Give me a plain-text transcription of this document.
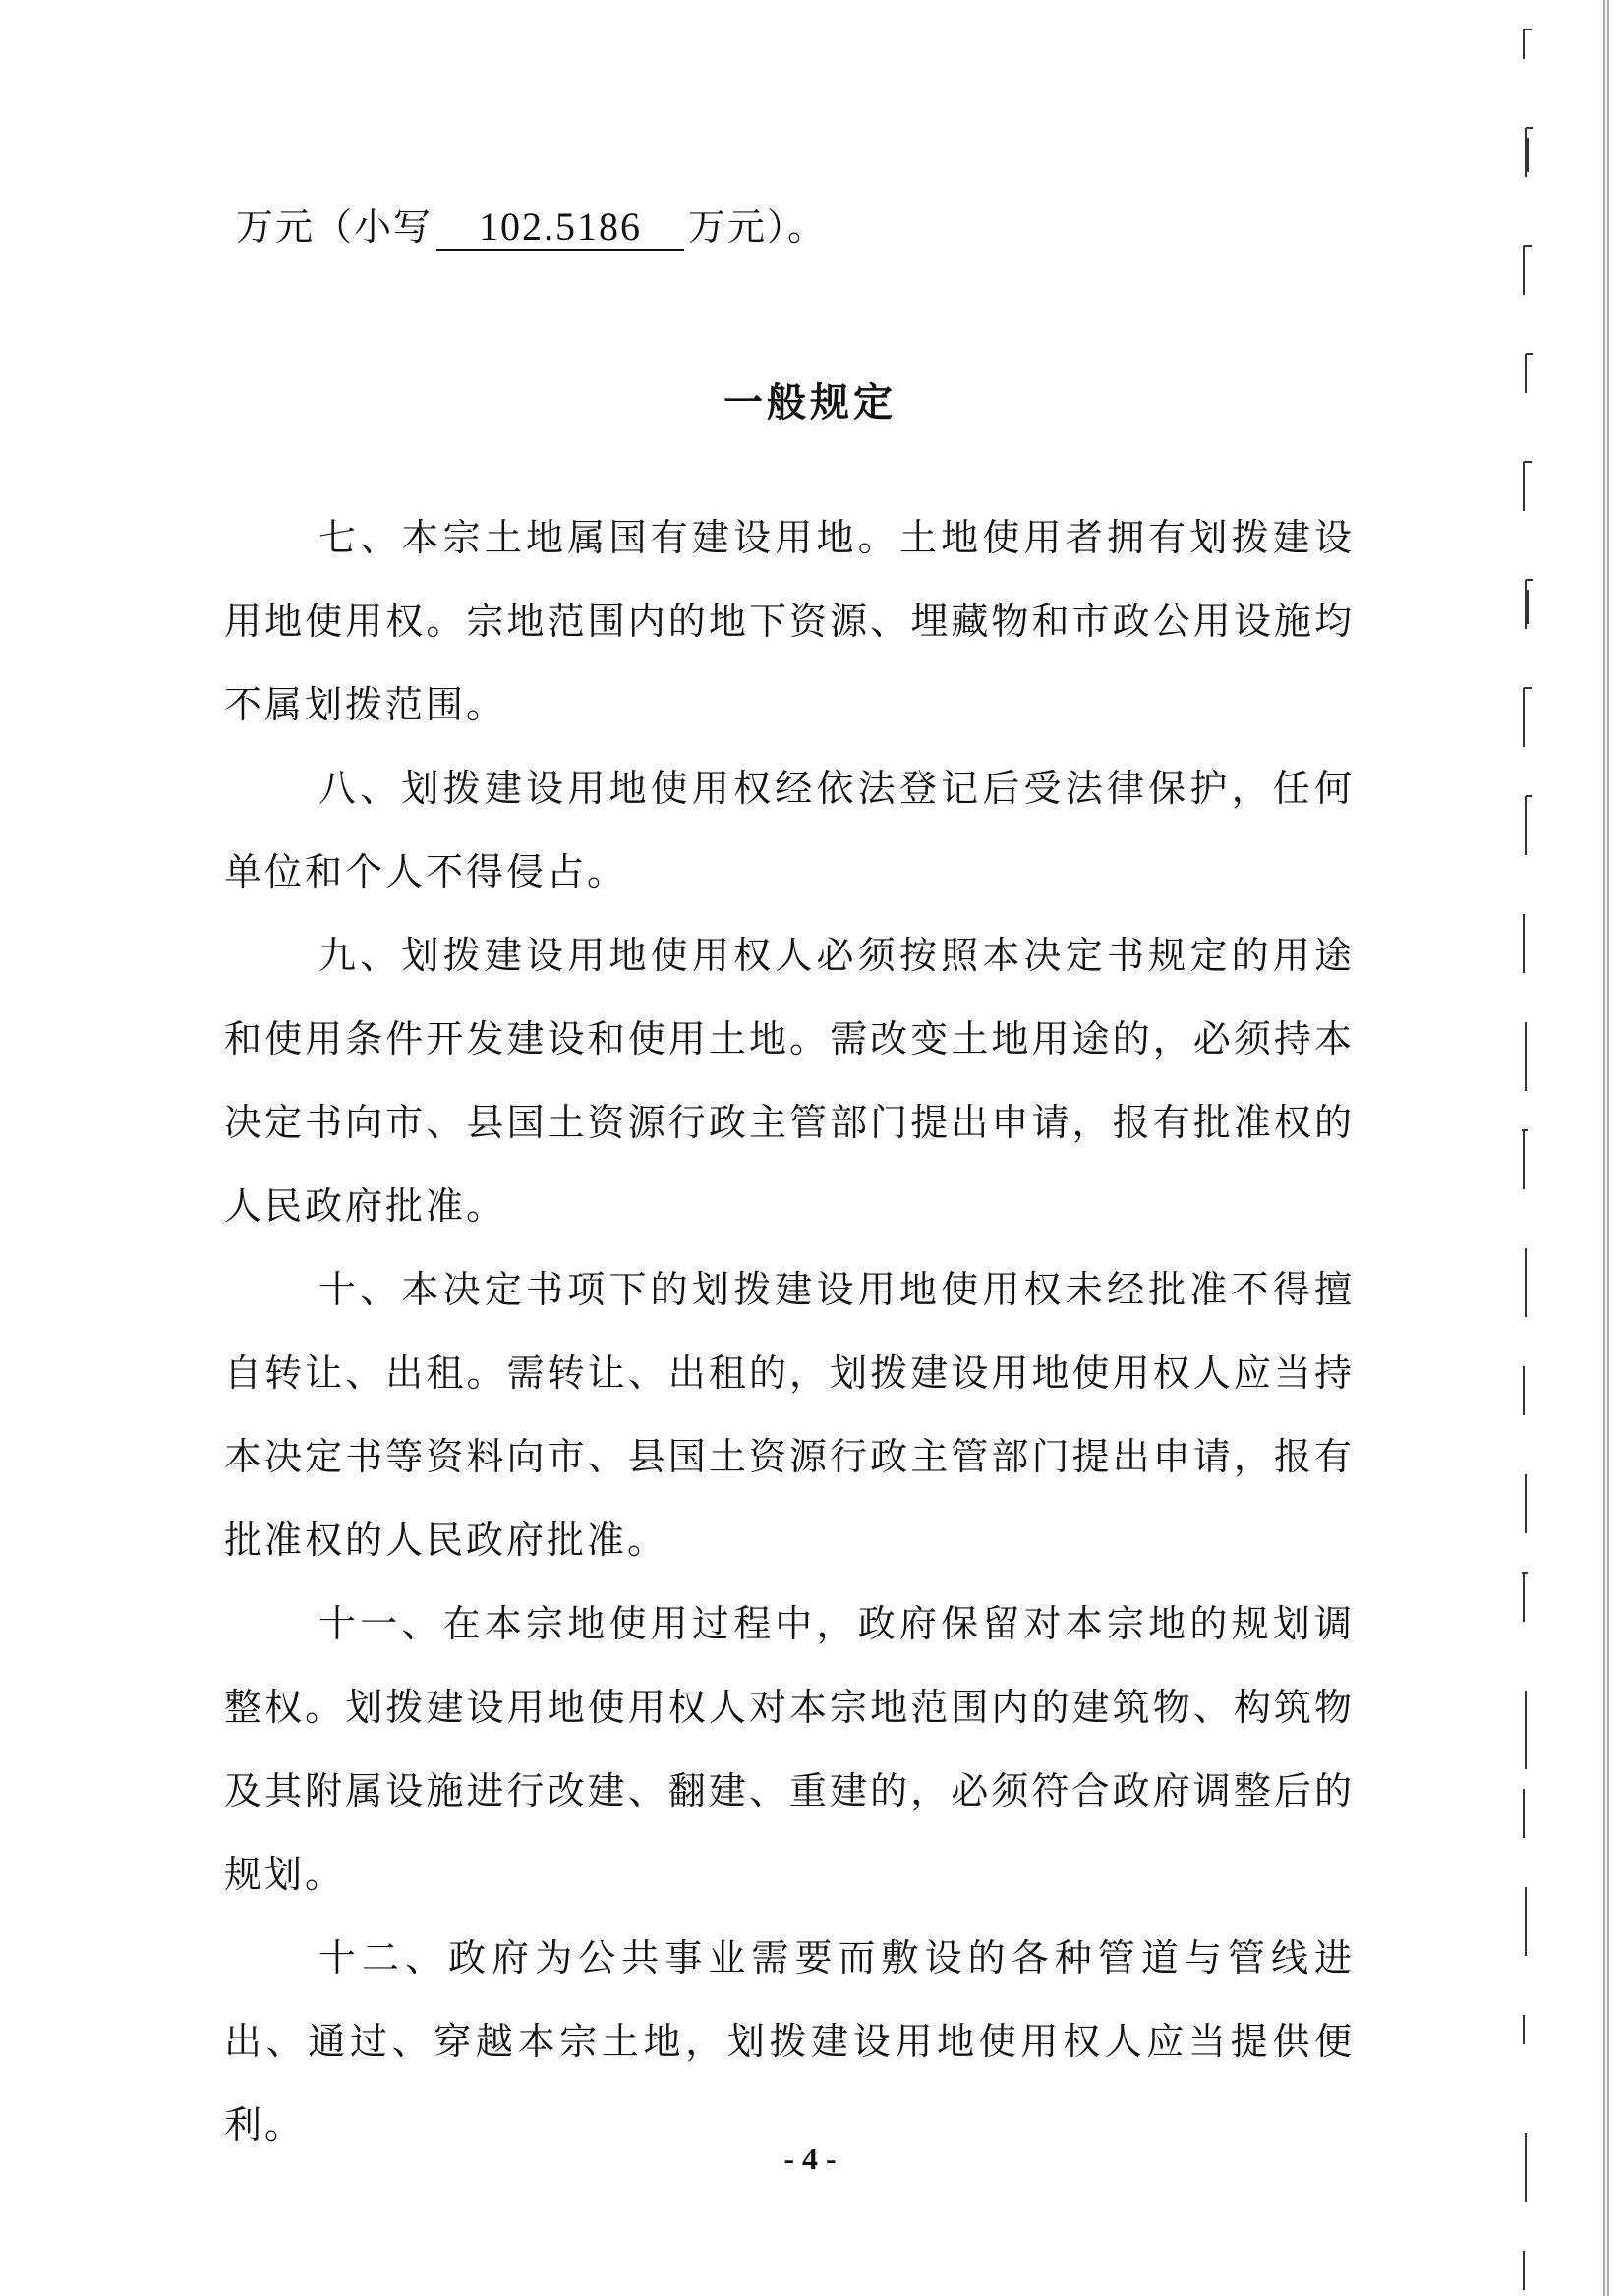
万元（小写 102.5186 万元）。
一般规定

七、本宗土地属国有建设用地。土地使用者拥有划拨建设用地使用权。宗地范围内的地下资源、埋藏物和市政公用设施均不属划拨范围。

八、划拨建设用地使用权经依法登记后受法律保护，任何单位和个人不得侵占。

九、划拨建设用地使用权人必须按照本决定书规定的用途和使用条件开发建设和使用土地。需改变土地用途的，必须持本决定书向市、县国土资源行政主管部门提出申请，报有批准权的人民政府批准。

十、本决定书项下的划拨建设用地使用权未经批准不得擅自转让、出租。需转让、出租的，划拨建设用地使用权人应当持本决定书等资料向市、县国土资源行政主管部门提出申请，报有批准权的人民政府批准。

十一、在本宗地使用过程中，政府保留对本宗地的规划调整权。划拨建设用地使用权人对本宗地范围内的建筑物、构筑物及其附属设施进行改建、翻建、重建的，必须符合政府调整后的规划。

十二、政府为公共事业需要而敷设的各种管道与管线进出、通过、穿越本宗土地，划拨建设用地使用权人应当提供便利。

- 4 -
